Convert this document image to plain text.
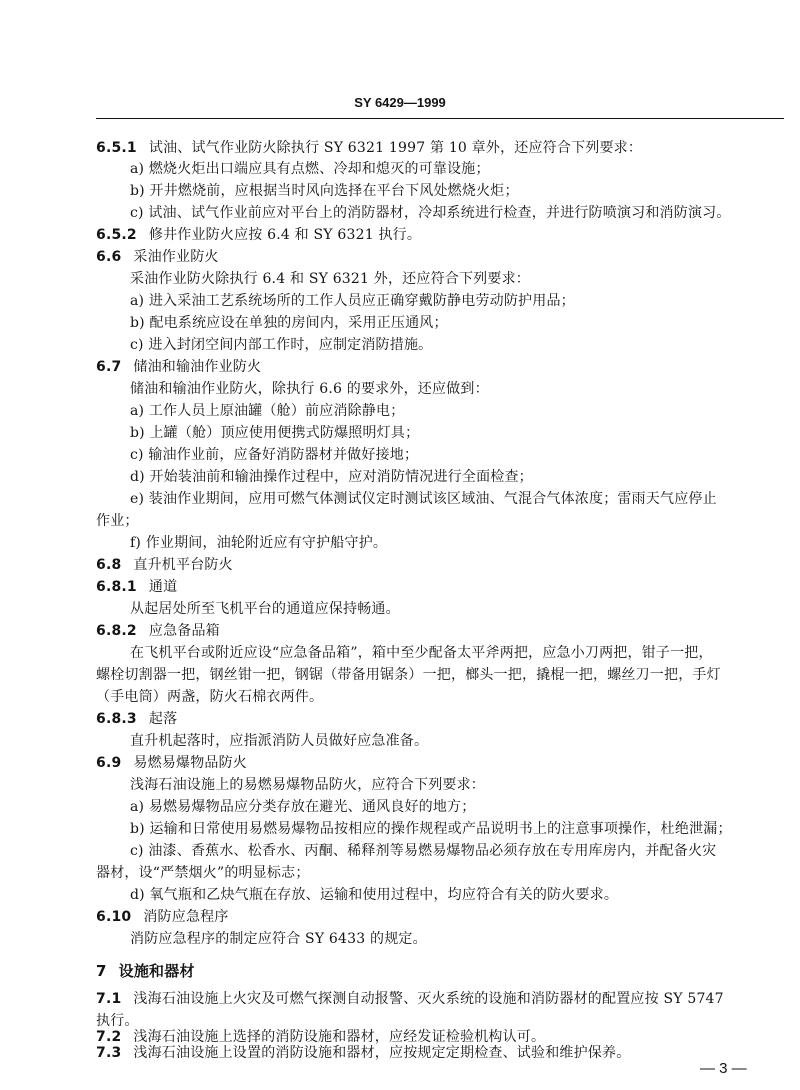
SY 6429—1999
6.5.1 试油、试气作业防火除执行 SY 6321 1997 第 10 章外，还应符合下列要求：
a) 燃烧火炬出口端应具有点燃、冷却和熄灭的可靠设施；
b) 开井燃烧前，应根据当时风向选择在平台下风处燃烧火炬；
c) 试油、试气作业前应对平台上的消防器材，冷却系统进行检查，并进行防喷演习和消防演习。
6.5.2 修井作业防火应按 6.4 和 SY 6321 执行。
6.6 采油作业防火
采油作业防火除执行 6.4 和 SY 6321 外，还应符合下列要求：
a) 进入采油工艺系统场所的工作人员应正确穿戴防静电劳动防护用品；
b) 配电系统应设在单独的房间内，采用正压通风；
c) 进入封闭空间内部工作时，应制定消防措施。
6.7 储油和输油作业防火
储油和输油作业防火，除执行 6.6 的要求外，还应做到：
a) 工作人员上原油罐（舱）前应消除静电；
b) 上罐（舱）顶应使用便携式防爆照明灯具；
c) 输油作业前，应备好消防器材并做好接地；
d) 开始装油前和输油操作过程中，应对消防情况进行全面检查；
e) 装油作业期间，应用可燃气体测试仪定时测试该区域油、气混合气体浓度；雷雨天气应停止
作业；
f) 作业期间，油轮附近应有守护船守护。
6.8 直升机平台防火
6.8.1 通道
从起居处所至飞机平台的通道应保持畅通。
6.8.2 应急备品箱
在飞机平台或附近应设“应急备品箱”，箱中至少配备太平斧两把，应急小刀两把，钳子一把，
螺栓切割器一把，钢丝钳一把，钢锯（带备用锯条）一把，榔头一把，撬棍一把，螺丝刀一把，手灯
（手电筒）两盏，防火石棉衣两件。
6.8.3 起落
直升机起落时，应指派消防人员做好应急准备。
6.9 易燃易爆物品防火
浅海石油设施上的易燃易爆物品防火，应符合下列要求：
a) 易燃易爆物品应分类存放在避光、通风良好的地方；
b) 运输和日常使用易燃易爆物品按相应的操作规程或产品说明书上的注意事项操作，杜绝泄漏；
c) 油漆、香蕉水、松香水、丙酮、稀释剂等易燃易爆物品必须存放在专用库房内，并配备火灾
器材，设“严禁烟火”的明显标志；
d) 氧气瓶和乙炔气瓶在存放、运输和使用过程中，均应符合有关的防火要求。
6.10 消防应急程序
消防应急程序的制定应符合 SY 6433 的规定。
7 设施和器材
7.1 浅海石油设施上火灾及可燃气探测自动报警、灭火系统的设施和消防器材的配置应按 SY 5747
执行。
7.2 浅海石油设施上选择的消防设施和器材，应经发证检验机构认可。
7.3 浅海石油设施上设置的消防设施和器材，应按规定定期检查、试验和维护保养。
— 3 —
